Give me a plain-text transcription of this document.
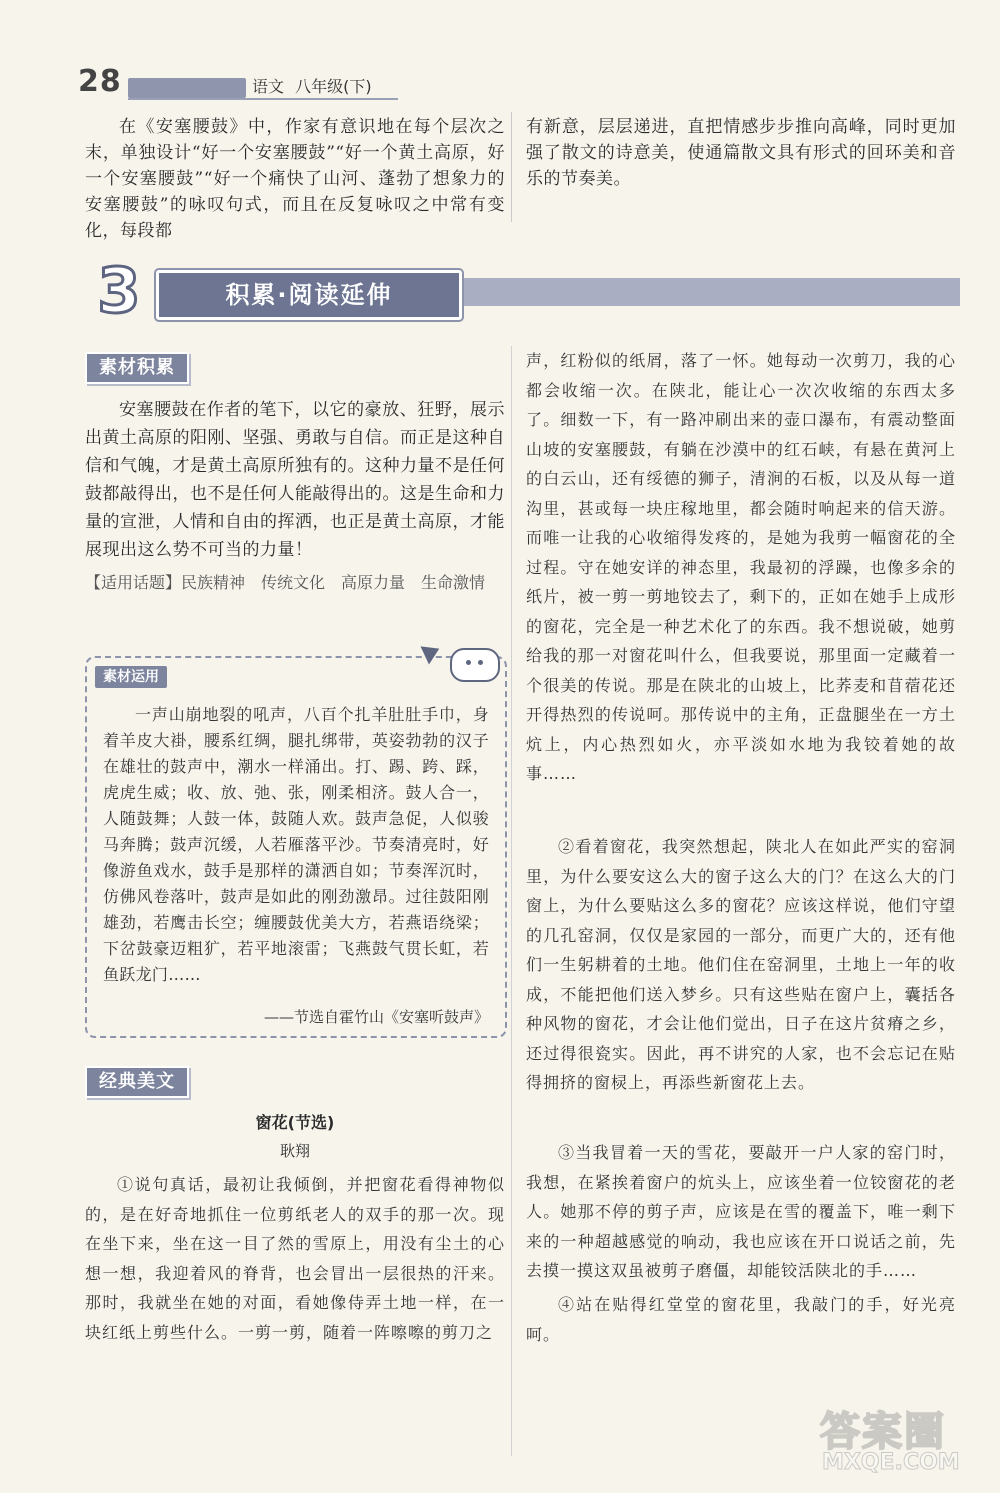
28	语文 八年级(下)

在《安塞腰鼓》中，作家有意识地在每个层次之末，单独设计“好一个安塞腰鼓”“好一个黄土高原，好一个安塞腰鼓”“好一个痛快了山河、蓬勃了想象力的安塞腰鼓”的咏叹句式，而且在反复咏叹之中常有变化，每段都

有新意，层层递进，直把情感步步推向高峰，同时更加强了散文的诗意美，使通篇散文具有形式的回环美和音乐的节奏美。

积累·阅读延伸
3
素材积累

安塞腰鼓在作者的笔下，以它的豪放、狂野，展示出黄土高原的阳刚、坚强、勇敢与自信。而正是这种自信和气魄，才是黄土高原所独有的。这种力量不是任何鼓都敲得出，也不是任何人能敲得出的。这是生命和力量的宣泄，人情和自由的挥洒，也正是黄土高原，才能展现出这么势不可当的力量！

【适用话题】民族精神　传统文化　高原力量　生命激情

素材运用

一声山崩地裂的吼声，八百个扎羊肚肚手巾，身着羊皮大褂，腰系红绸，腿扎绑带，英姿勃勃的汉子在雄壮的鼓声中，潮水一样涌出。打、踢、跨、踩，虎虎生威；收、放、弛、张，刚柔相济。鼓人合一，人随鼓舞；人鼓一体，鼓随人欢。鼓声急促，人似骏马奔腾；鼓声沉缓，人若雁落平沙。节奏清亮时，好像游鱼戏水，鼓手是那样的潇洒自如；节奏浑沉时，仿佛风卷落叶，鼓声是如此的刚劲激昂。过往鼓阳刚雄劲，若鹰击长空；缠腰鼓优美大方，若燕语绕梁；下岔鼓豪迈粗犷，若平地滚雷；飞燕鼓气贯长虹，若鱼跃龙门……

——节选自霍竹山《安塞听鼓声》

经典美文
窗花(节选)
耿翔

①说句真话，最初让我倾倒，并把窗花看得神物似的，是在好奇地抓住一位剪纸老人的双手的那一次。现在坐下来，坐在这一目了然的雪原上，用没有尘土的心想一想，我迎着风的脊背，也会冒出一层很热的汗来。那时，我就坐在她的对面，看她像侍弄土地一样，在一块红纸上剪些什么。一剪一剪，随着一阵嚓嚓的剪刀之

声，红粉似的纸屑，落了一怀。她每动一次剪刀，我的心都会收缩一次。在陕北，能让心一次次收缩的东西太多了。细数一下，有一路冲刷出来的壶口瀑布，有震动整面山坡的安塞腰鼓，有躺在沙漠中的红石峡，有悬在黄河上的白云山，还有绥德的狮子，清涧的石板，以及从每一道沟里，甚或每一块庄稼地里，都会随时响起来的信天游。而唯一让我的心收缩得发疼的，是她为我剪一幅窗花的全过程。守在她安详的神态里，我最初的浮躁，也像多余的纸片，被一剪一剪地铰去了，剩下的，正如在她手上成形的窗花，完全是一种艺术化了的东西。我不想说破，她剪给我的那一对窗花叫什么，但我要说，那里面一定藏着一个很美的传说。那是在陕北的山坡上，比荞麦和苜蓿花还开得热烈的传说呵。那传说中的主角，正盘腿坐在一方土炕上，内心热烈如火，亦平淡如水地为我铰着她的故事……

②看着窗花，我突然想起，陕北人在如此严实的窑洞里，为什么要安这么大的窗子这么大的门？在这么大的门窗上，为什么要贴这么多的窗花？应该这样说，他们守望的几孔窑洞，仅仅是家园的一部分，而更广大的，还有他们一生躬耕着的土地。他们住在窑洞里，土地上一年的收成，不能把他们送入梦乡。只有这些贴在窗户上，囊括各种风物的窗花，才会让他们觉出，日子在这片贫瘠之乡，还过得很瓷实。因此，再不讲究的人家，也不会忘记在贴得拥挤的窗棂上，再添些新窗花上去。

③当我冒着一天的雪花，要敲开一户人家的窑门时，我想，在紧挨着窗户的炕头上，应该坐着一位铰窗花的老人。她那不停的剪子声，应该是在雪的覆盖下，唯一剩下来的一种超越感觉的响动，我也应该在开口说话之前，先去摸一摸这双虽被剪子磨僵，却能铰活陕北的手……

④站在贴得红堂堂的窗花里，我敲门的手，好光亮呵。

答案圈
MXQE.COM
